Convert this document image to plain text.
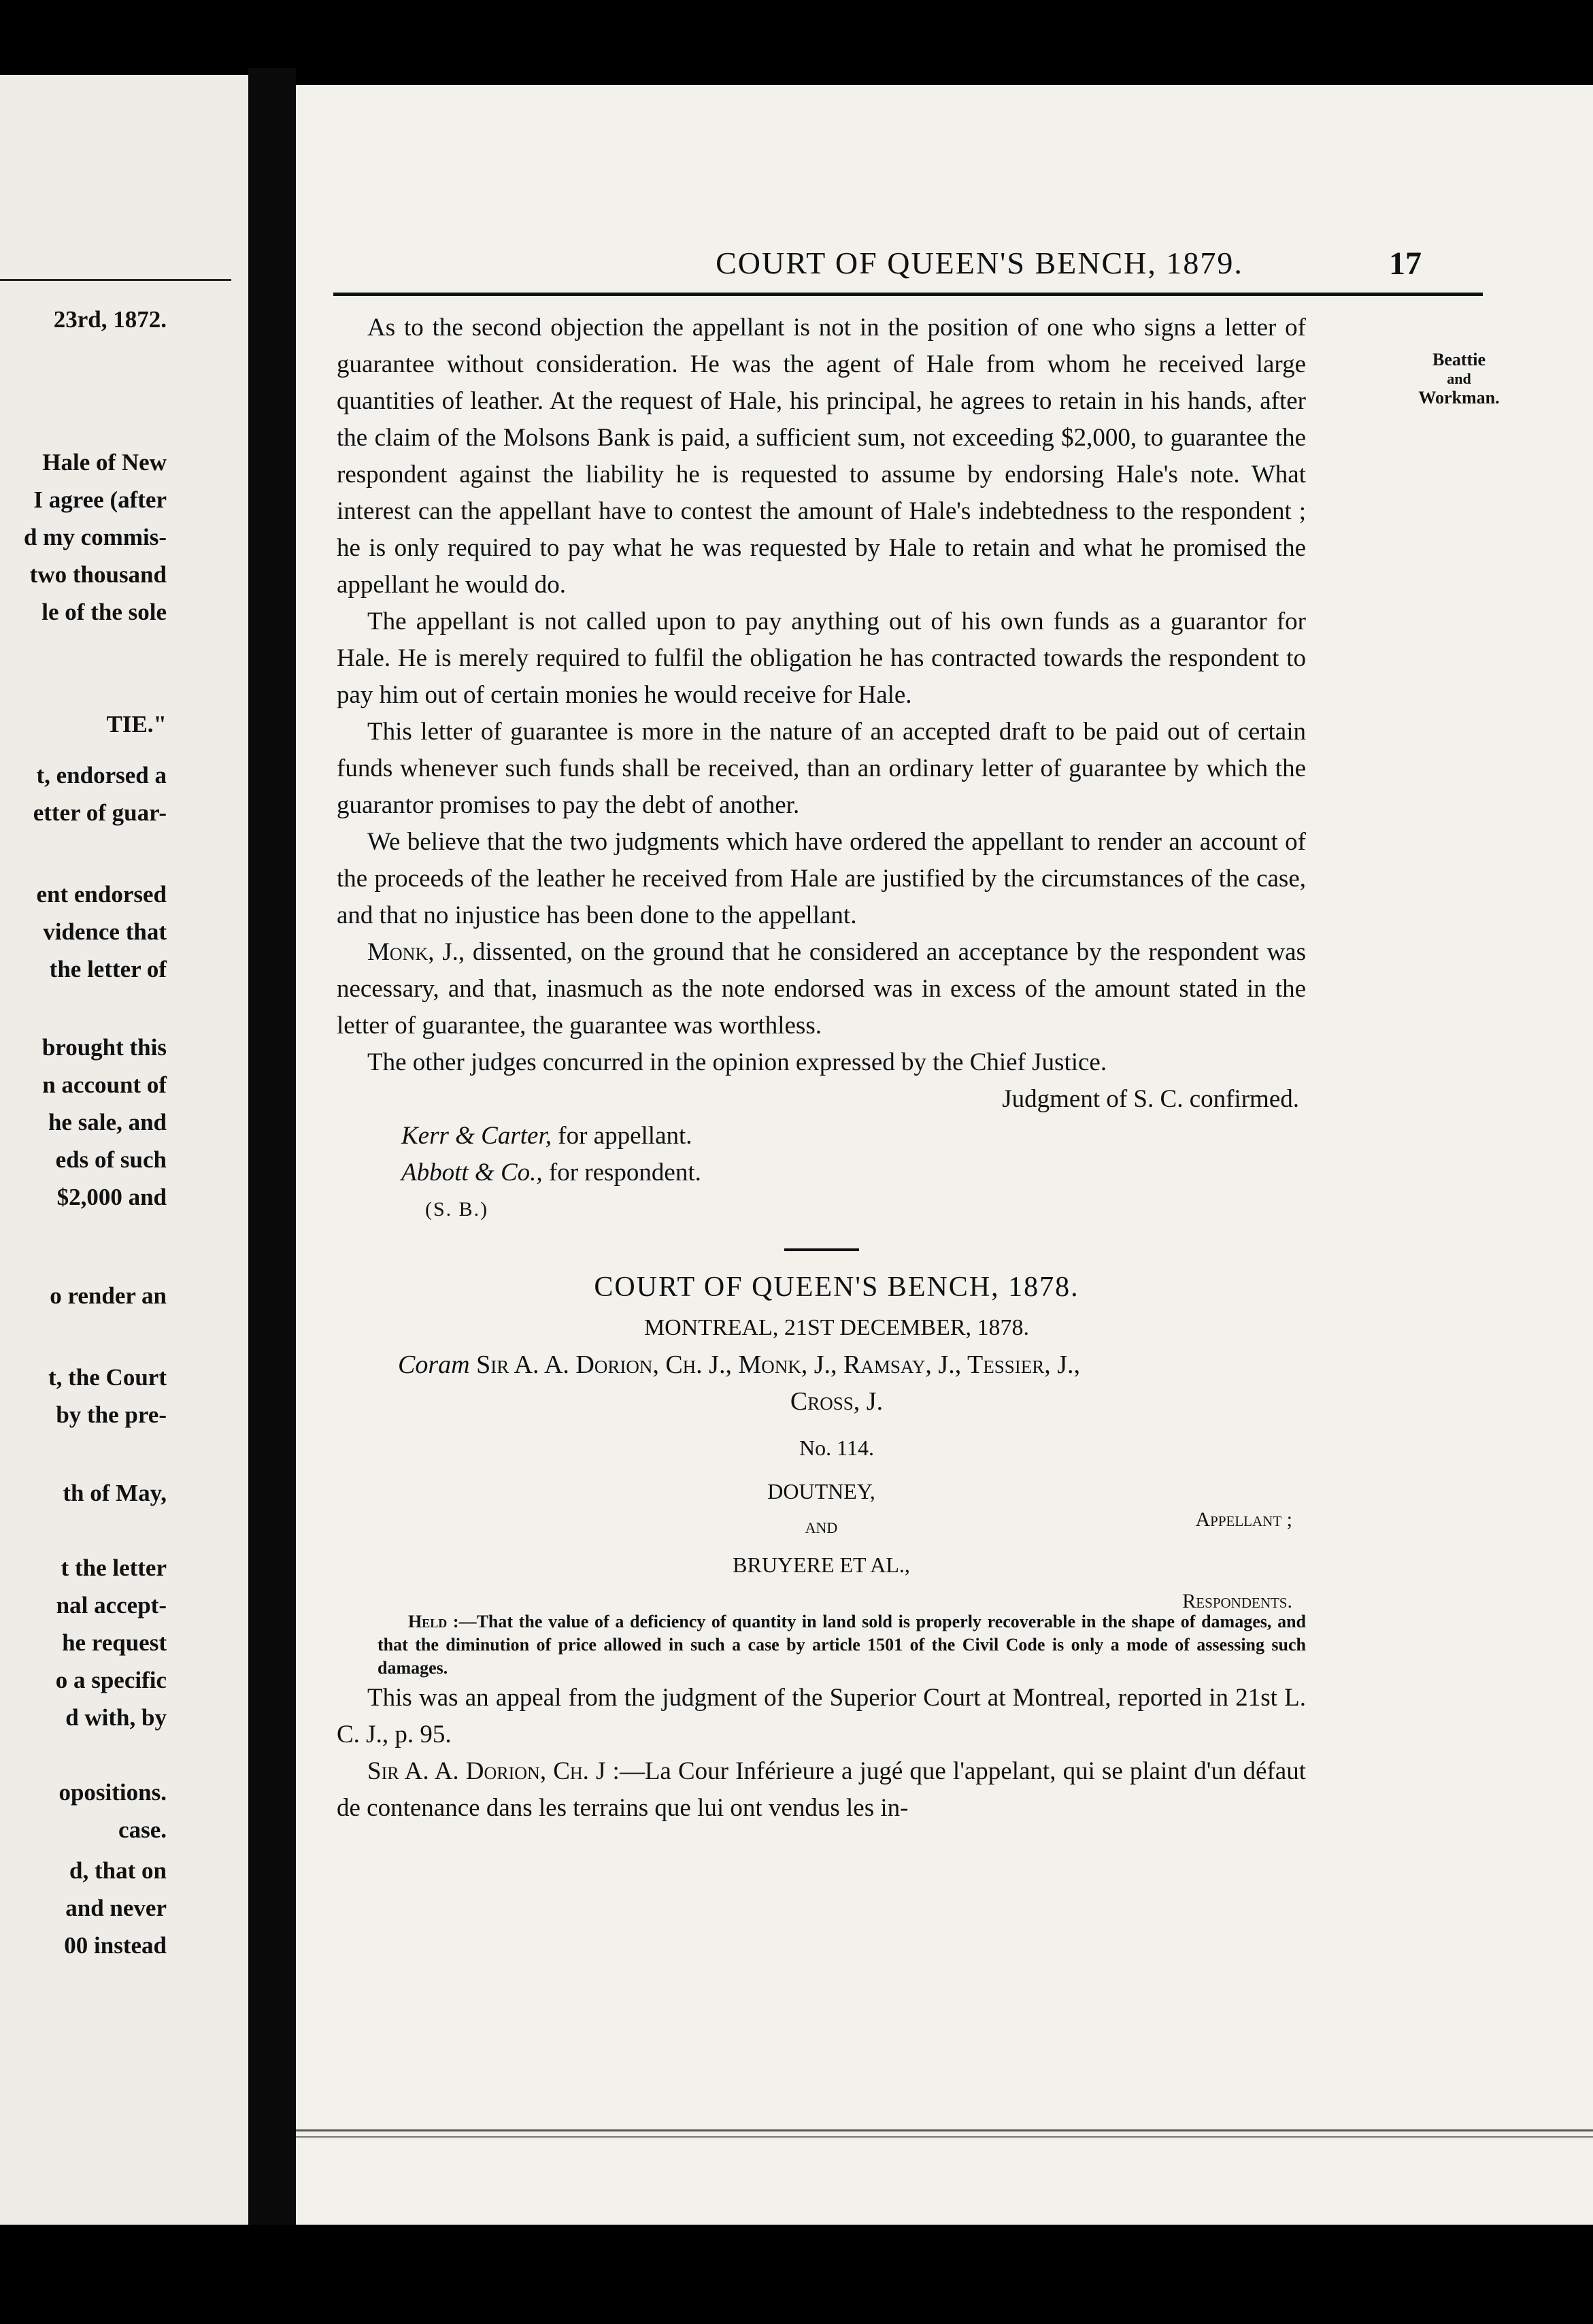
23rd, 1872.
Hale of New
I agree (after
d my commis-
two thousand
le of the sole
TIE."
t, endorsed a
etter of guar-
ent endorsed
vidence that
the letter of
brought this
n account of
he sale, and
eds of such
$2,000 and
o render an
t, the Court
by the pre-
th of May,
t the letter
nal accept-
he request
o a specific
d with, by
opositions.
case.
d, that on
and never
00 instead
COURT OF QUEEN'S BENCH, 1879.	17
Beattie
and
Workman.

As to the second objection the appellant is not in the position of one who signs a letter of guarantee without consideration. He was the agent of Hale from whom he received large quantities of leather. At the request of Hale, his principal, he agrees to retain in his hands, after the claim of the Molsons Bank is paid, a sufficient sum, not exceeding $2,000, to guarantee the respondent against the liability he is requested to assume by endorsing Hale's note. What interest can the appellant have to contest the amount of Hale's indebtedness to the respondent ; he is only required to pay what he was requested by Hale to retain and what he promised the appellant he would do.

The appellant is not called upon to pay anything out of his own funds as a guarantor for Hale. He is merely required to fulfil the obligation he has contracted towards the respondent to pay him out of certain monies he would receive for Hale.

This letter of guarantee is more in the nature of an accepted draft to be paid out of certain funds whenever such funds shall be received, than an ordinary letter of guarantee by which the guarantor promises to pay the debt of another.

We believe that the two judgments which have ordered the appellant to render an account of the proceeds of the leather he received from Hale are justified by the circumstances of the case, and that no injustice has been done to the appellant.

Monk, J., dissented, on the ground that he considered an acceptance by the respondent was necessary, and that, inasmuch as the note endorsed was in excess of the amount stated in the letter of guarantee, the guarantee was worthless.

The other judges concurred in the opinion expressed by the Chief Justice.

Judgment of S. C. confirmed.

Kerr & Carter, for appellant.

Abbott & Co., for respondent.

(S. B.)

COURT OF QUEEN'S BENCH, 1878.

MONTREAL, 21ST DECEMBER, 1878.

Coram Sir A. A. Dorion, Ch. J., Monk, J., Ramsay, J., Tessier, J.,

Cross, J.

No. 114.

DOUTNEY,
AND	Appellant ;
BRUYERE ET AL.,
Respondents.

Held :—That the value of a deficiency of quantity in land sold is properly recoverable in the shape of damages, and that the diminution of price allowed in such a case by article 1501 of the Civil Code is only a mode of assessing such damages.

This was an appeal from the judgment of the Superior Court at Montreal, reported in 21st L. C. J., p. 95.

Sir A. A. Dorion, Ch. J :—La Cour Inférieure a jugé que l'appelant, qui se plaint d'un défaut de contenance dans les terrains que lui ont vendus les in-
